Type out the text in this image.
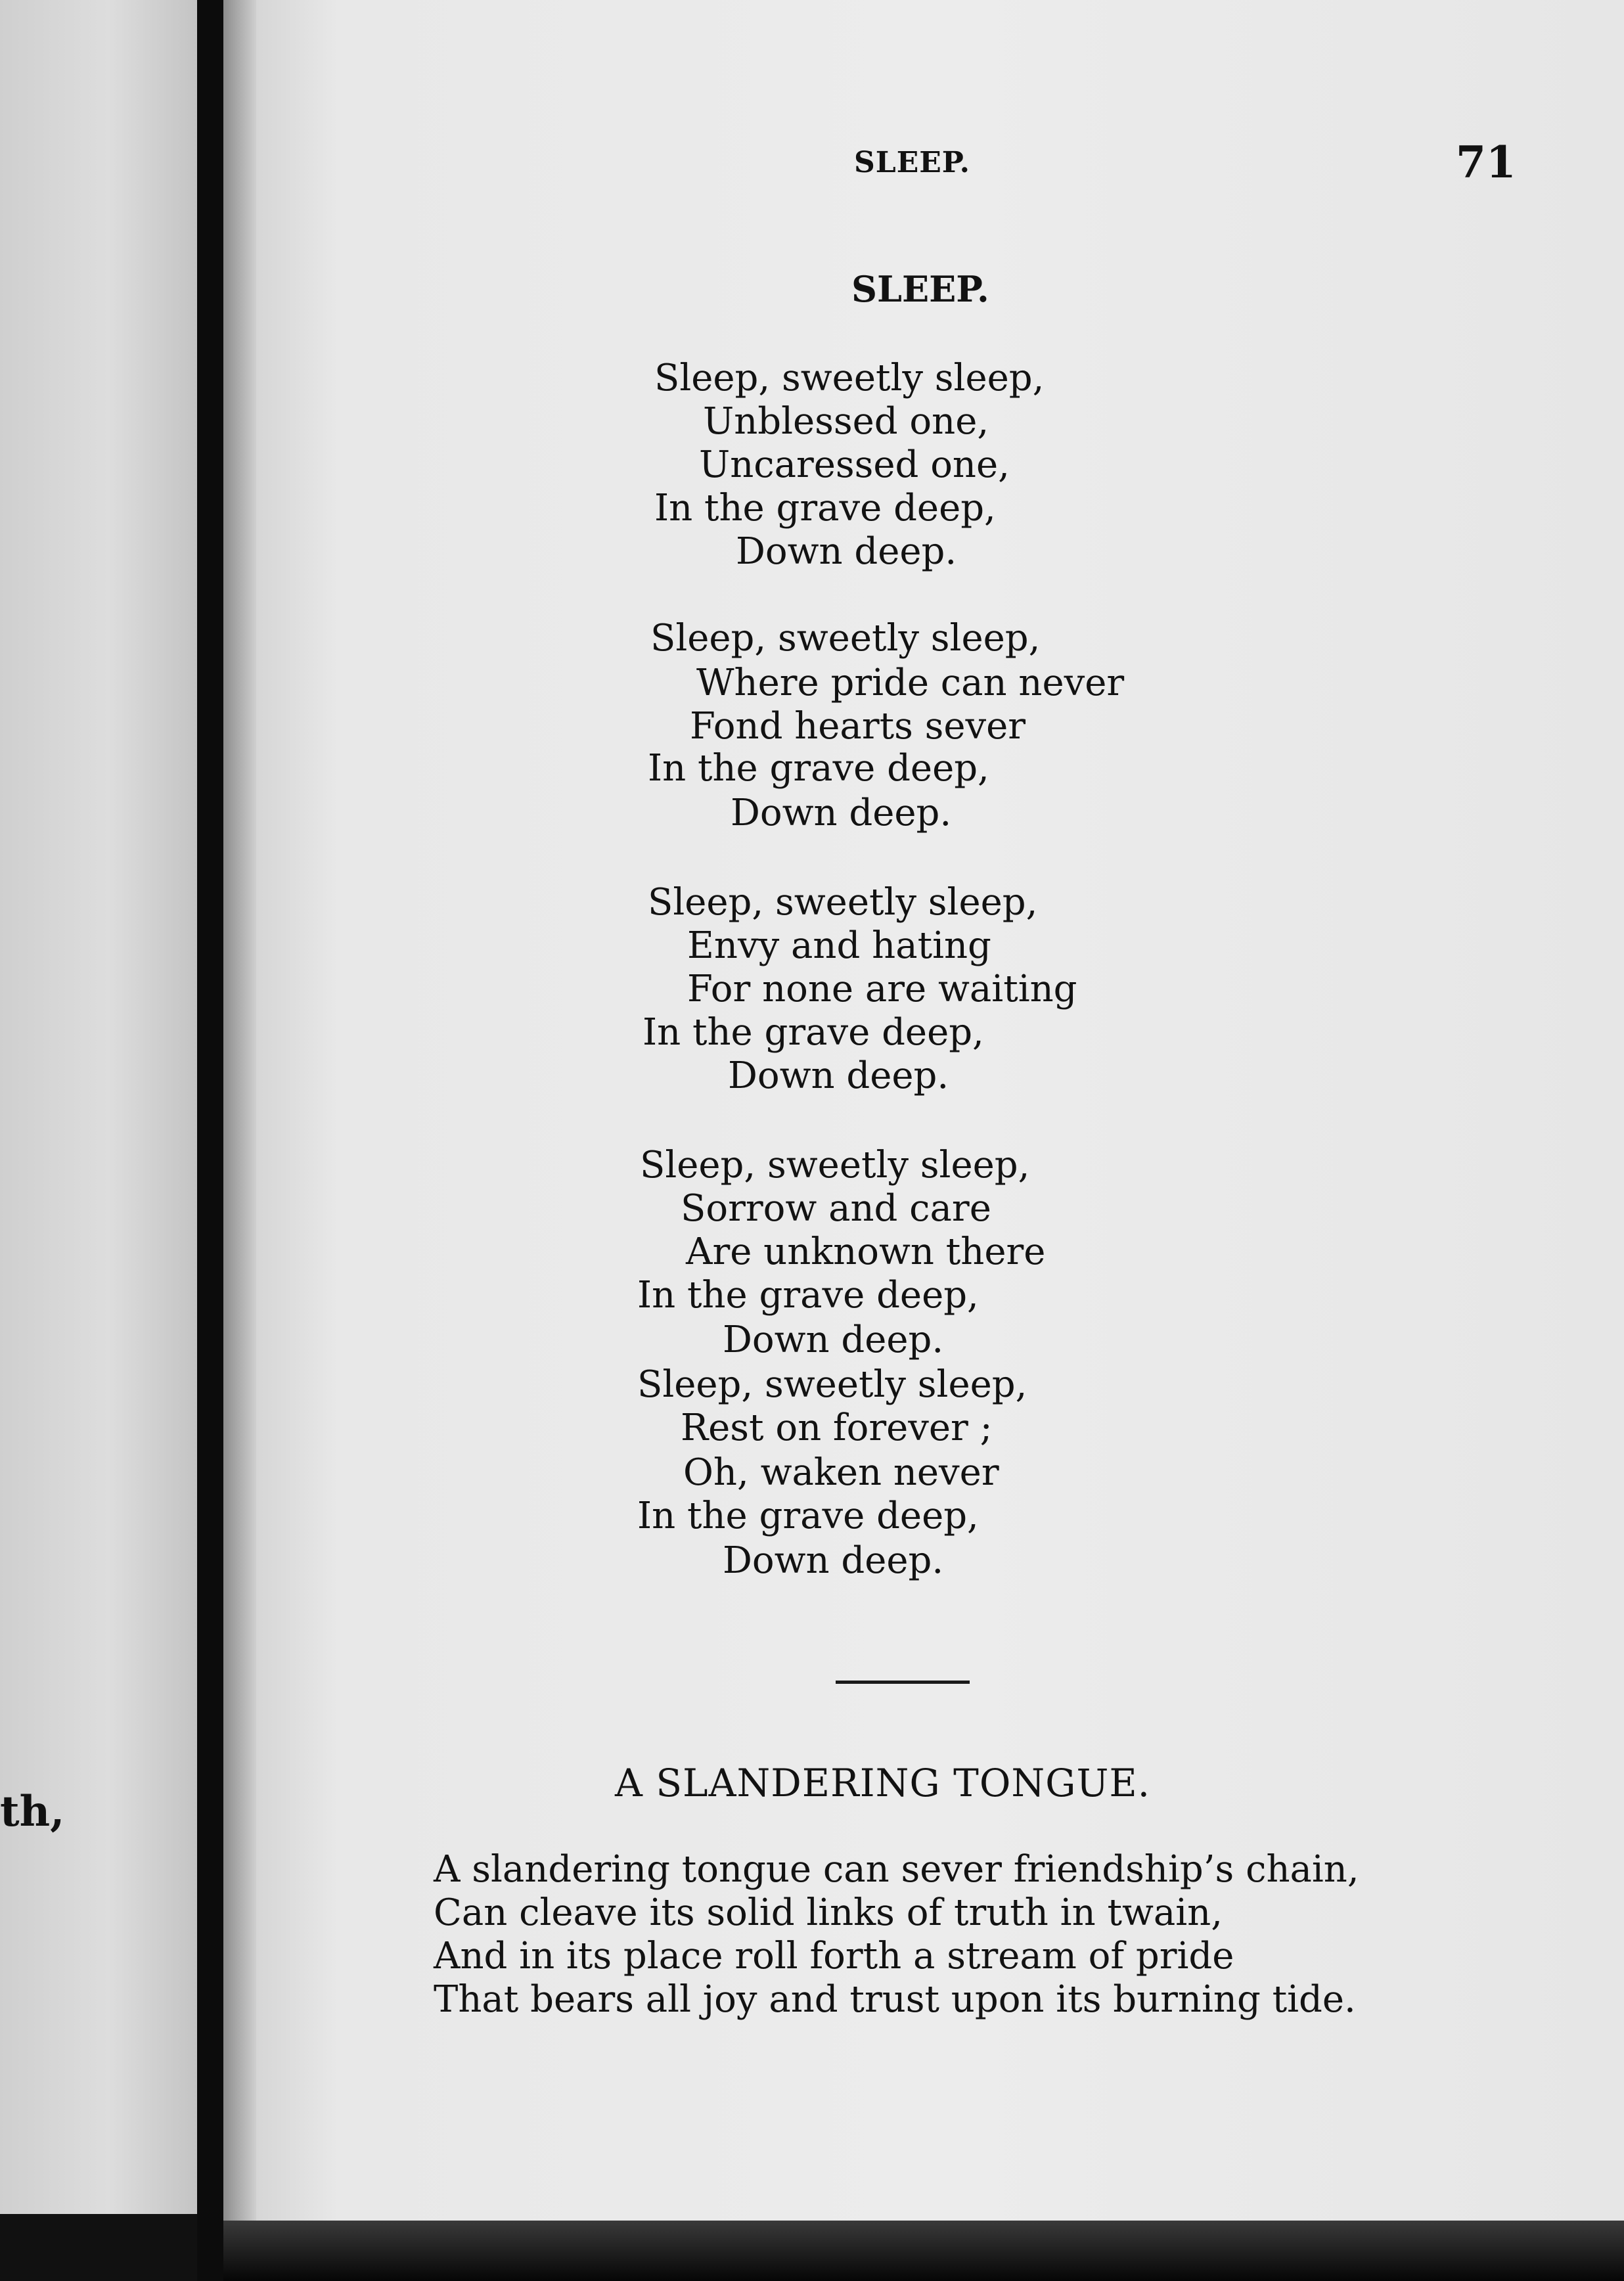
th,
SLEEP.	71
SLEEP.
Sleep, sweetly sleep,
Unblessed one,
Uncaressed one,
In the grave deep,
Down deep.
Sleep, sweetly sleep,
Where pride can never
Fond hearts sever
In the grave deep,
Down deep.
Sleep, sweetly sleep,
Envy and hating
For none are waiting
In the grave deep,
Down deep.
Sleep, sweetly sleep,
Sorrow and care
Are unknown there
In the grave deep,
Down deep.
Sleep, sweetly sleep,
Rest on forever ;
Oh, waken never
In the grave deep,
Down deep.
A SLANDERING TONGUE.
A slandering tongue can sever friendship’s chain,
Can cleave its solid links of truth in twain,
And in its place roll forth a stream of pride
That bears all joy and trust upon its burning tide.
